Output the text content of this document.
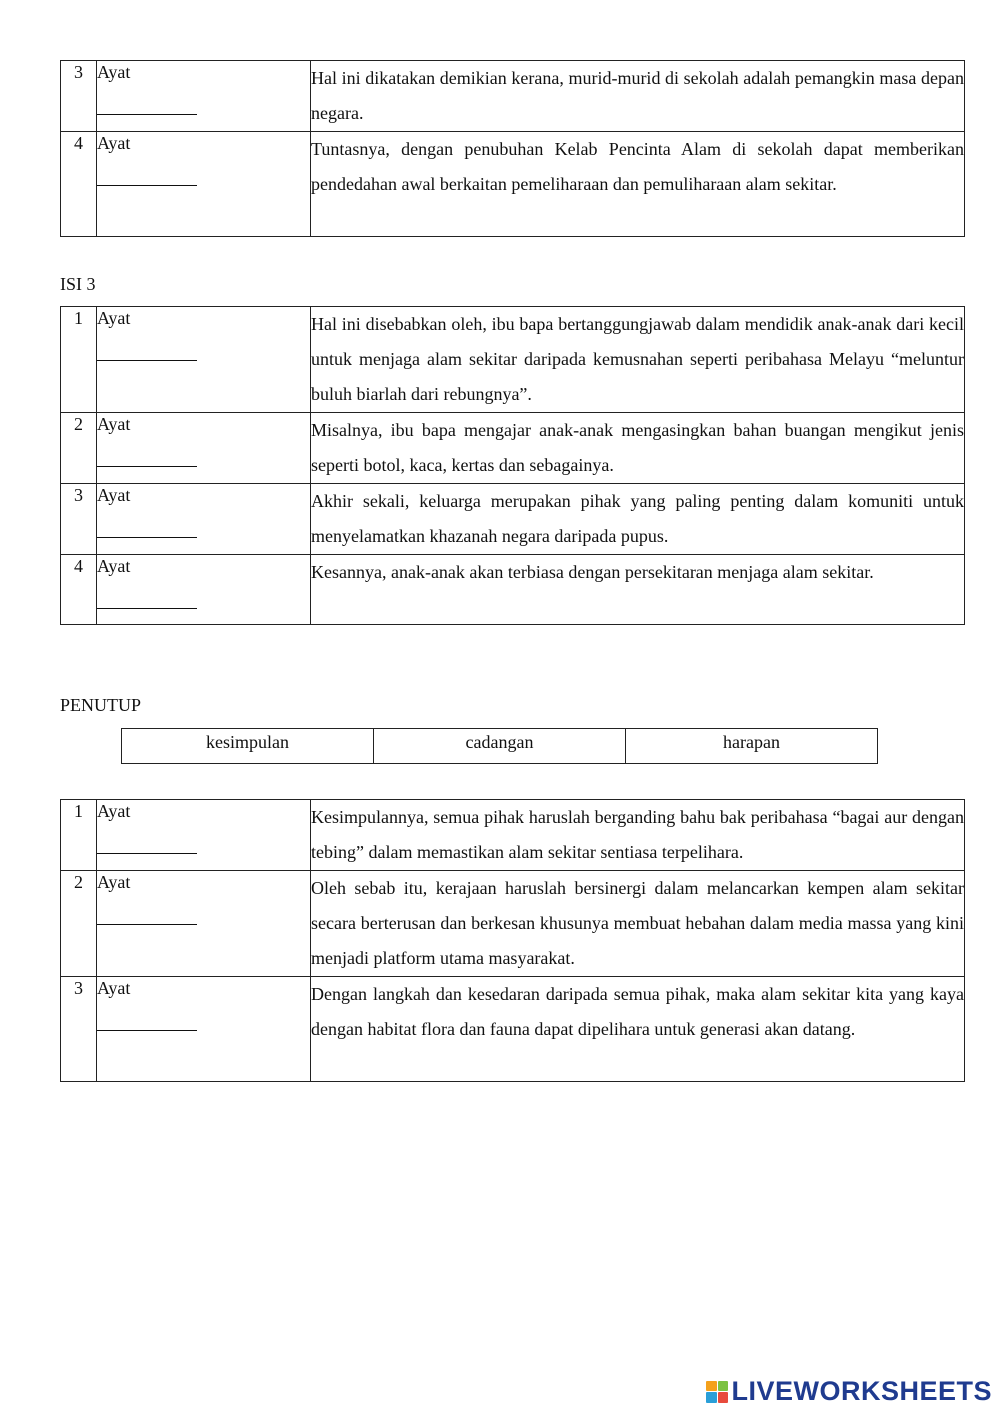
3	Ayat	Hal ini dikatakan demikian kerana, murid-murid di sekolah adalah pemangkin masa depan negara.
4	Ayat	Tuntasnya, dengan penubuhan Kelab Pencinta Alam di sekolah dapat memberikan pendedahan awal berkaitan pemeliharaan dan pemuliharaan alam sekitar.
ISI 3
1	Ayat	Hal ini disebabkan oleh, ibu bapa bertanggungjawab dalam mendidik anak-anak dari kecil untuk menjaga alam sekitar daripada kemusnahan seperti peribahasa Melayu “meluntur buluh biarlah dari rebungnya”.
2	Ayat	Misalnya, ibu bapa mengajar anak-anak mengasingkan bahan buangan mengikut jenis seperti botol, kaca, kertas dan sebagainya.
3	Ayat	Akhir sekali, keluarga merupakan pihak yang paling penting dalam komuniti untuk menyelamatkan khazanah negara daripada pupus.
4	Ayat	Kesannya, anak-anak akan terbiasa dengan persekitaran menjaga alam sekitar.
PENUTUP
kesimpulan	cadangan	harapan
1	Ayat	Kesimpulannya, semua pihak haruslah berganding bahu bak peribahasa “bagai aur dengan tebing” dalam memastikan alam sekitar sentiasa terpelihara.
2	Ayat	Oleh sebab itu, kerajaan haruslah bersinergi dalam melancarkan kempen alam sekitar secara berterusan dan berkesan khusunya membuat hebahan dalam media massa yang kini menjadi platform utama masyarakat.
3	Ayat	Dengan langkah dan kesedaran daripada semua pihak, maka alam sekitar kita yang kaya dengan habitat flora dan fauna dapat dipelihara untuk generasi akan datang.
LIVEWORKSHEETS
